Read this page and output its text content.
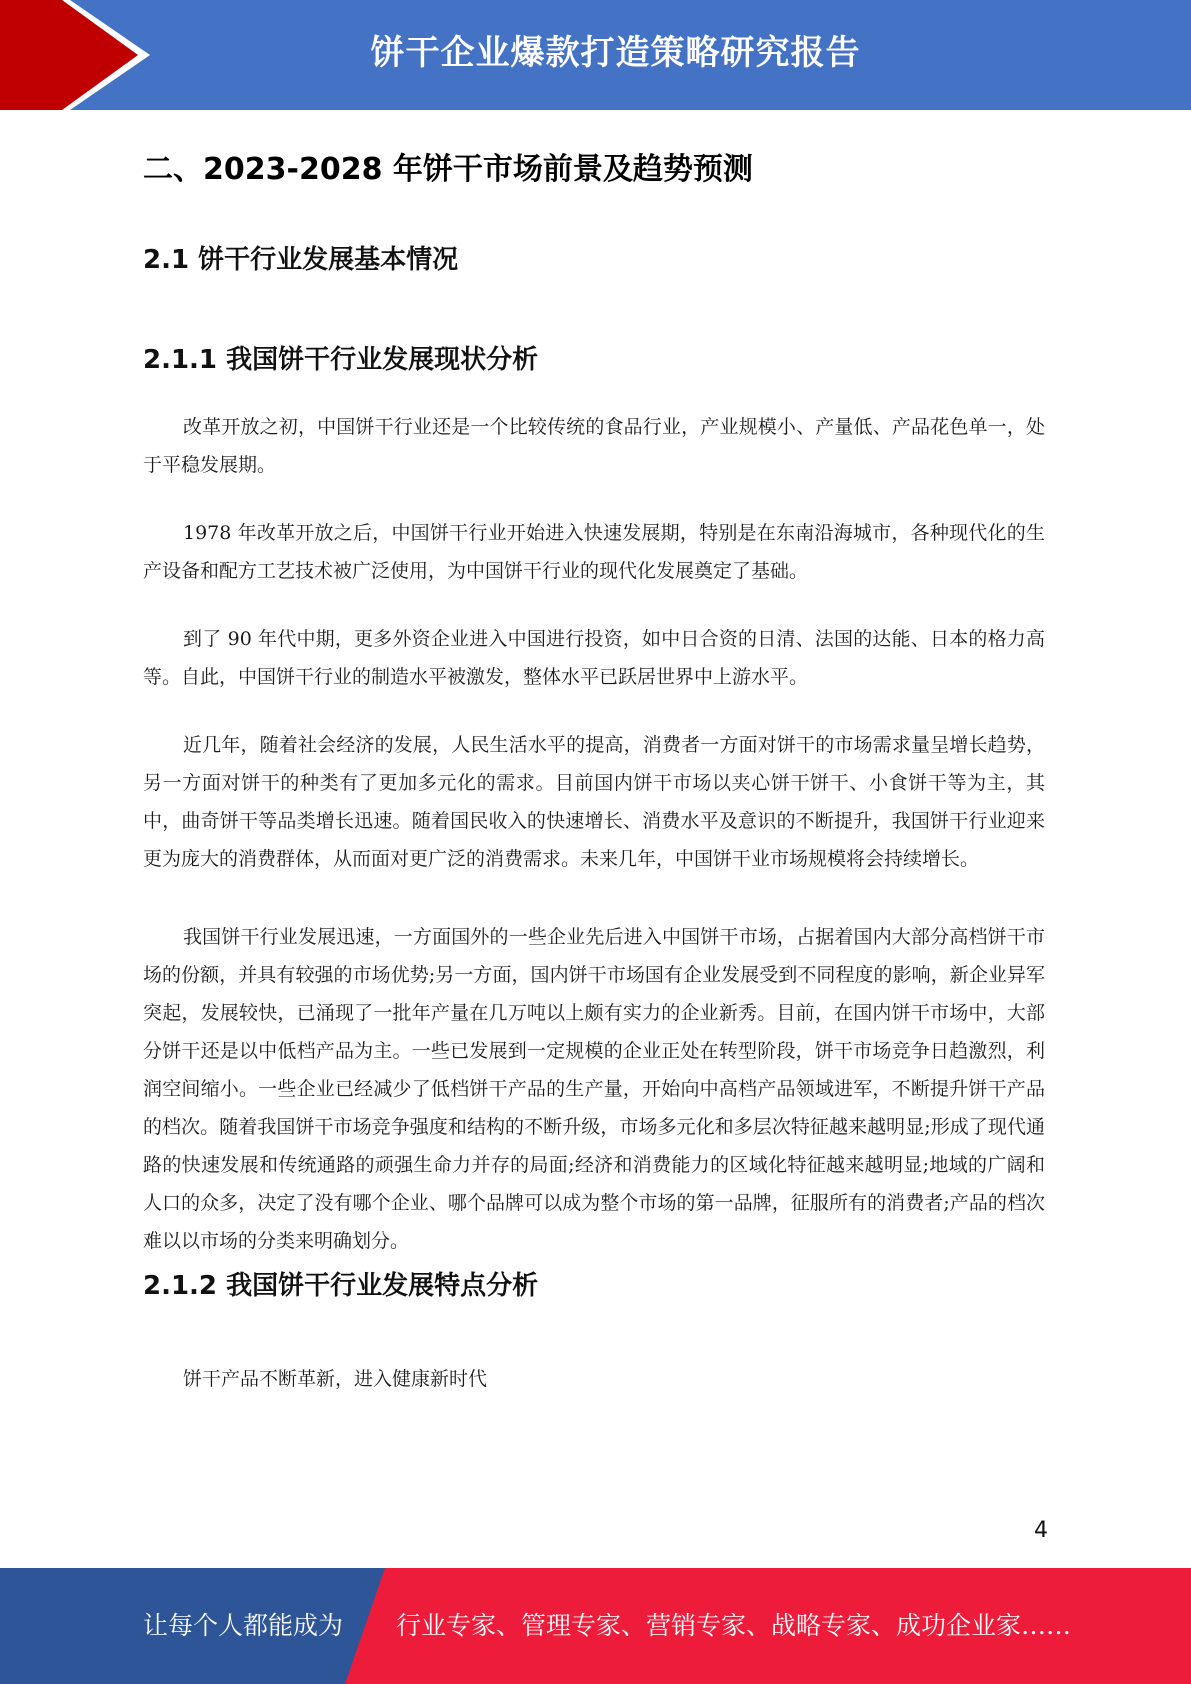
饼干企业爆款打造策略研究报告
二、2023-2028 年饼干市场前景及趋势预测
2.1 饼干行业发展基本情况
2.1.1 我国饼干行业发展现状分析

改革开放之初，中国饼干行业还是一个比较传统的食品行业，产业规模小、产量低、产品花色单一，处于平稳发展期。

1978 年改革开放之后，中国饼干行业开始进入快速发展期，特别是在东南沿海城市，各种现代化的生产设备和配方工艺技术被广泛使用，为中国饼干行业的现代化发展奠定了基础。

到了 90 年代中期，更多外资企业进入中国进行投资，如中日合资的日清、法国的达能、日本的格力高等。自此，中国饼干行业的制造水平被激发，整体水平已跃居世界中上游水平。

近几年，随着社会经济的发展，人民生活水平的提高，消费者一方面对饼干的市场需求量呈增长趋势，另一方面对饼干的种类有了更加多元化的需求。目前国内饼干市场以夹心饼干饼干、小食饼干等为主，其中，曲奇饼干等品类增长迅速。随着国民收入的快速增长、消费水平及意识的不断提升，我国饼干行业迎来更为庞大的消费群体，从而面对更广泛的消费需求。未来几年，中国饼干业市场规模将会持续增长。

我国饼干行业发展迅速，一方面国外的一些企业先后进入中国饼干市场，占据着国内大部分高档饼干市场的份额，并具有较强的市场优势;另一方面，国内饼干市场国有企业发展受到不同程度的影响，新企业异军突起，发展较快，已涌现了一批年产量在几万吨以上颇有实力的企业新秀。目前，在国内饼干市场中，大部分饼干还是以中低档产品为主。一些已发展到一定规模的企业正处在转型阶段，饼干市场竞争日趋激烈，利润空间缩小。一些企业已经减少了低档饼干产品的生产量，开始向中高档产品领域进军，不断提升饼干产品的档次。随着我国饼干市场竞争强度和结构的不断升级，市场多元化和多层次特征越来越明显;形成了现代通路的快速发展和传统通路的顽强生命力并存的局面;经济和消费能力的区域化特征越来越明显;地域的广阔和人口的众多，决定了没有哪个企业、哪个品牌可以成为整个市场的第一品牌，征服所有的消费者;产品的档次难以以市场的分类来明确划分。

2.1.2 我国饼干行业发展特点分析

饼干产品不断革新，进入健康新时代

4
让每个人都能成为 行业专家、管理专家、营销专家、战略专家、成功企业家……
